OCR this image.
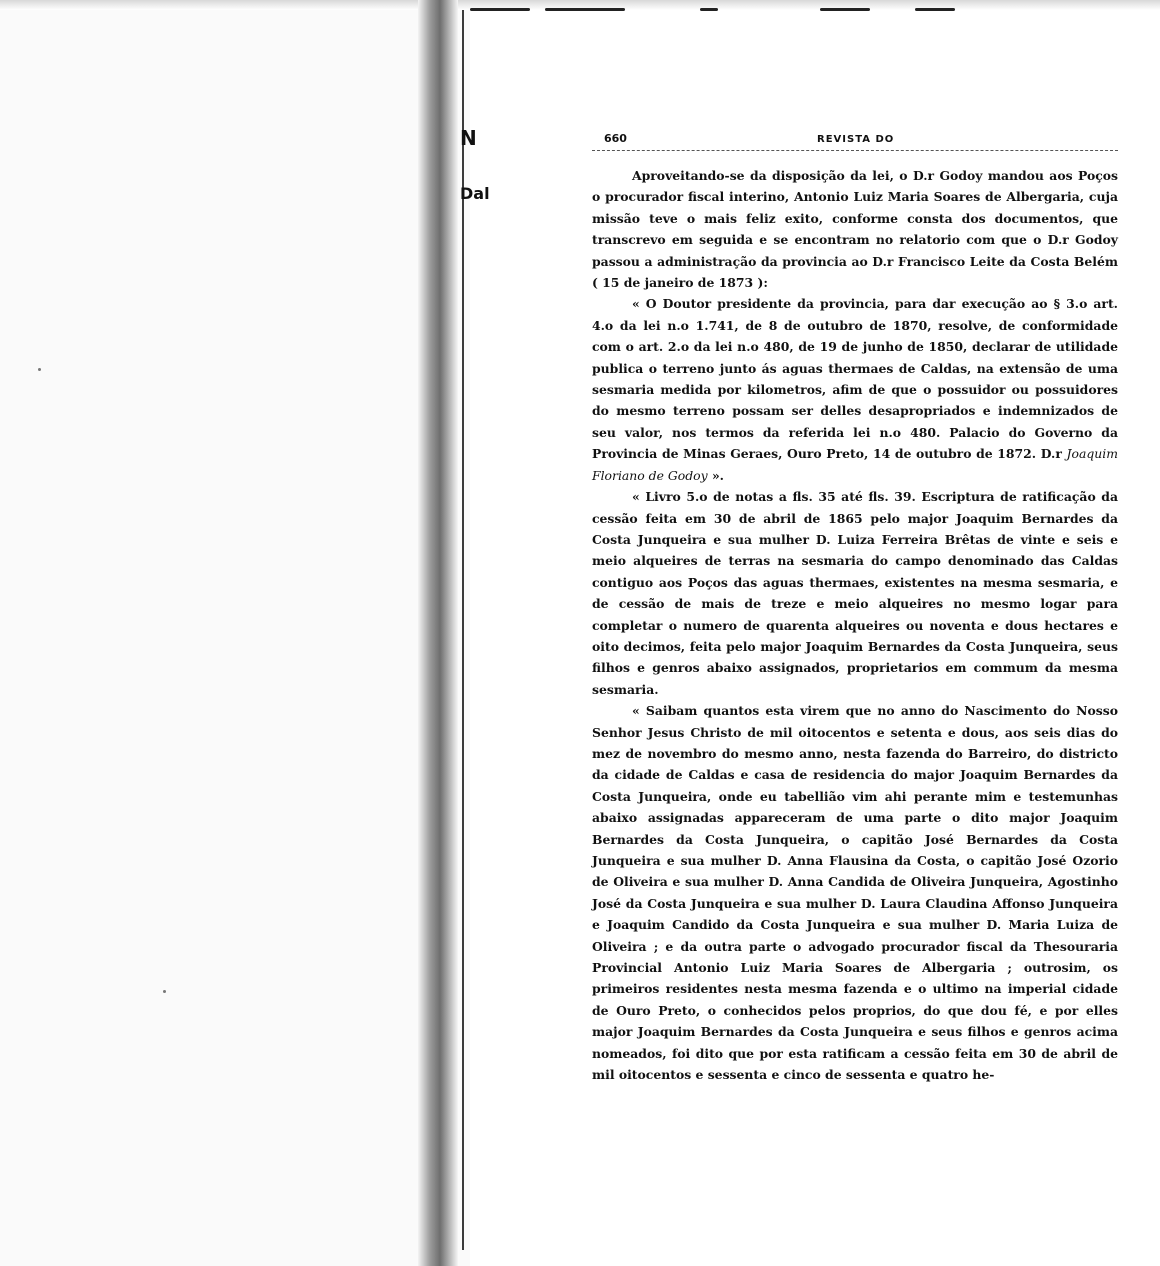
N
Dal
660	REVISTA DO

Aproveitando-se da disposição da lei, o D.r Godoy mandou aos Poços o procurador fiscal interino, Antonio Luiz Maria Soares de Albergaria, cuja missão teve o mais feliz exito, conforme consta dos documentos, que transcrevo em seguida e se encontram no relatorio com que o D.r Godoy passou a administração da provincia ao D.r Francisco Leite da Costa Belém ( 15 de janeiro de 1873 ):

« O Doutor presidente da provincia, para dar execução ao § 3.o art. 4.o da lei n.o 1.741, de 8 de outubro de 1870, resolve, de conformidade com o art. 2.o da lei n.o 480, de 19 de junho de 1850, declarar de utilidade publica o terreno junto ás aguas thermaes de Caldas, na extensão de uma sesmaria medida por kilometros, afim de que o possuidor ou possuidores do mesmo terreno possam ser delles desapropriados e indemnizados de seu valor, nos termos da referida lei n.o 480. Palacio do Governo da Provincia de Minas Geraes, Ouro Preto, 14 de outubro de 1872. D.r Joaquim Floriano de Godoy ».

« Livro 5.o de notas a fls. 35 até fls. 39. Escriptura de ratificação da cessão feita em 30 de abril de 1865 pelo major Joaquim Bernardes da Costa Junqueira e sua mulher D. Luiza Ferreira Brêtas de vinte e seis e meio alqueires de terras na sesmaria do campo denominado das Caldas contiguo aos Poços das aguas thermaes, existentes na mesma sesmaria, e de cessão de mais de treze e meio alqueires no mesmo logar para completar o numero de quarenta alqueires ou noventa e dous hectares e oito decimos, feita pelo major Joaquim Bernardes da Costa Junqueira, seus filhos e genros abaixo assignados, proprietarios em commum da mesma sesmaria.

« Saibam quantos esta virem que no anno do Nascimento do Nosso Senhor Jesus Christo de mil oitocentos e setenta e dous, aos seis dias do mez de novembro do mesmo anno, nesta fazenda do Barreiro, do districto da cidade de Caldas e casa de residencia do major Joaquim Bernardes da Costa Junqueira, onde eu tabellião vim ahi perante mim e testemunhas abaixo assignadas appareceram de uma parte o dito major Joaquim Bernardes da Costa Junqueira, o capitão José Bernardes da Costa Junqueira e sua mulher D. Anna Flausina da Costa, o capitão José Ozorio de Oliveira e sua mulher D. Anna Candida de Oliveira Junqueira, Agostinho José da Costa Junqueira e sua mulher D. Laura Claudina Affonso Junqueira e Joaquim Candido da Costa Junqueira e sua mulher D. Maria Luiza de Oliveira ; e da outra parte o advogado procurador fiscal da Thesouraria Provincial Antonio Luiz Maria Soares de Albergaria ; outrosim, os primeiros residentes nesta mesma fazenda e o ultimo na imperial cidade de Ouro Preto, o conhecidos pelos proprios, do que dou fé, e por elles major Joaquim Bernardes da Costa Junqueira e seus filhos e genros acima nomeados, foi dito que por esta ratificam a cessão feita em 30 de abril de mil oitocentos e sessenta e cinco de sessenta e quatro he-
